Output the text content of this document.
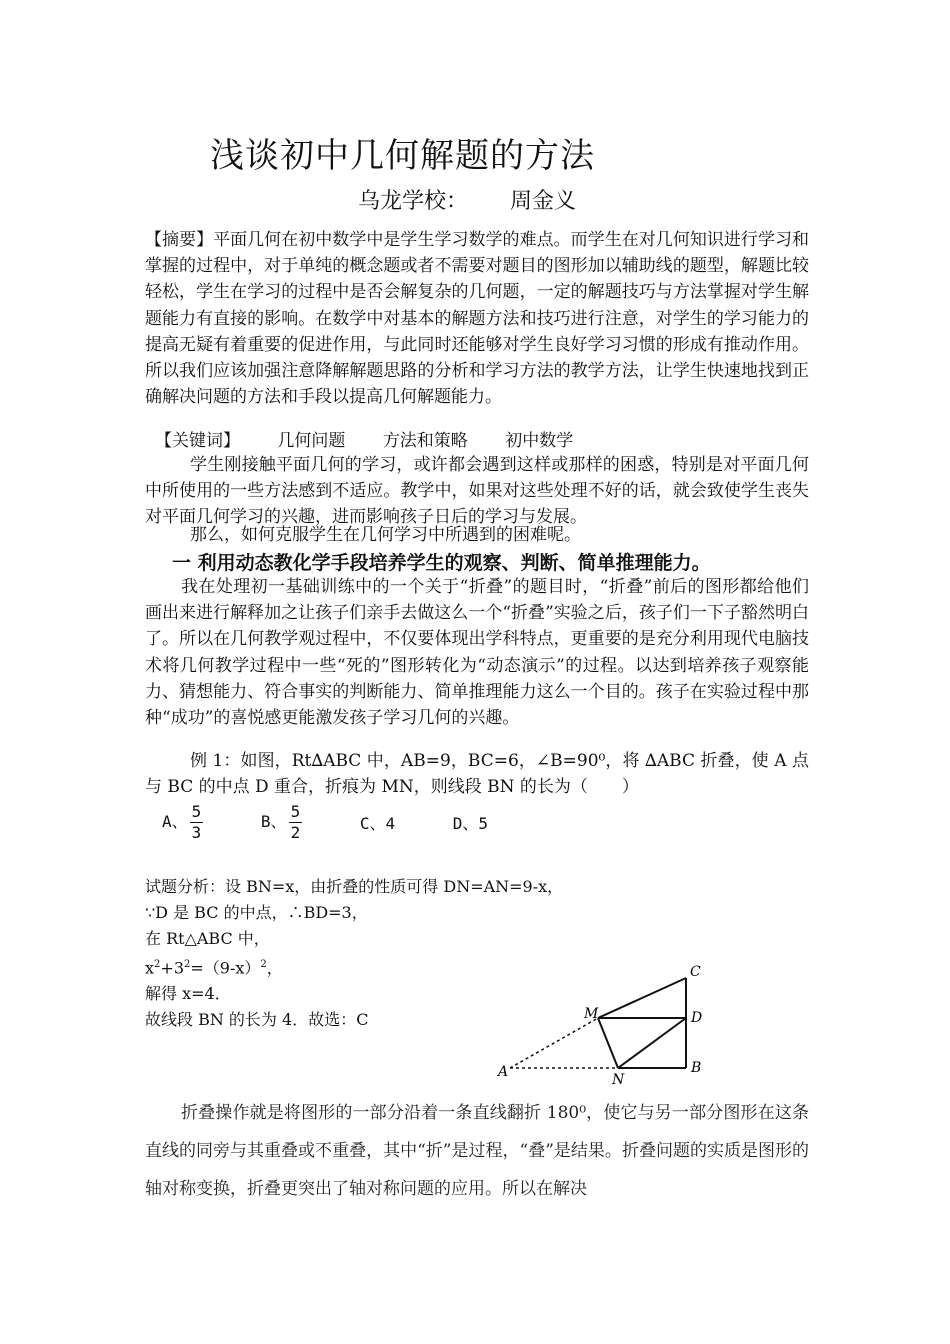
浅谈初中几何解题的方法
乌龙学校： 周金义
【摘要】平面几何在初中数学中是学生学习数学的难点。而学生在对几何知识进行学习和掌握的过程中，对于单纯的概念题或者不需要对题目的图形加以辅助线的题型，解题比较轻松，学生在学习的过程中是否会解复杂的几何题，一定的解题技巧与方法掌握对学生解题能力有直接的影响。在数学中对基本的解题方法和技巧进行注意，对学生的学习能力的提高无疑有着重要的促进作用，与此同时还能够对学生良好学习习惯的形成有推动作用。所以我们应该加强注意降解解题思路的分析和学习方法的教学方法，让学生快速地找到正确解决问题的方法和手段以提高几何解题能力。
【关键词】 几何问题 方法和策略 初中数学
学生刚接触平面几何的学习，或许都会遇到这样或那样的困惑，特别是对平面几何中所使用的一些方法感到不适应。教学中，如果对这些处理不好的话，就会致使学生丧失对平面几何学习的兴趣，进而影响孩子日后的学习与发展。
那么，如何克服学生在几何学习中所遇到的困难呢。
一 利用动态教化学手段培养学生的观察、判断、简单推理能力。
我在处理初一基础训练中的一个关于“折叠”的题目时，“折叠”前后的图形都给他们画出来进行解释加之让孩子们亲手去做这么一个“折叠”实验之后，孩子们一下子豁然明白了。所以在几何教学观过程中，不仅要体现出学科特点，更重要的是充分利用现代电脑技术将几何教学过程中一些“死的”图形转化为“动态演示”的过程。以达到培养孩子观察能力、猜想能力、符合事实的判断能力、简单推理能力这么一个目的。孩子在实验过程中那种“成功”的喜悦感更能激发孩子学习几何的兴趣。
例 1：如图，Rt∆ABC 中，AB=9，BC=6，∠B=90⁰，将 ∆ABC 折叠，使 A 点与 BC 的中点 D 重合，折痕为 MN，则线段 BN 的长为（　　）
A、 $\frac{5}{3}$	B、 $\frac{5}{2}$	C、4	D、5
试题分析：设 BN=x，由折叠的性质可得 DN=AN=9-x，
∵D 是 BC 的中点，∴BD=3，
在 Rt△ABC 中，
$x^2+3^2=(9-x)^2$，
解得 x=4．
故线段 BN 的长为 4．故选：C
C
M	D
B
A	N
折叠操作就是将图形的一部分沿着一条直线翻折 180⁰，使它与另一部分图形在这条直线的同旁与其重叠或不重叠，其中“折”是过程，“叠”是结果。折叠问题的实质是图形的轴对称变换，折叠更突出了轴对称问题的应用。所以在解决
